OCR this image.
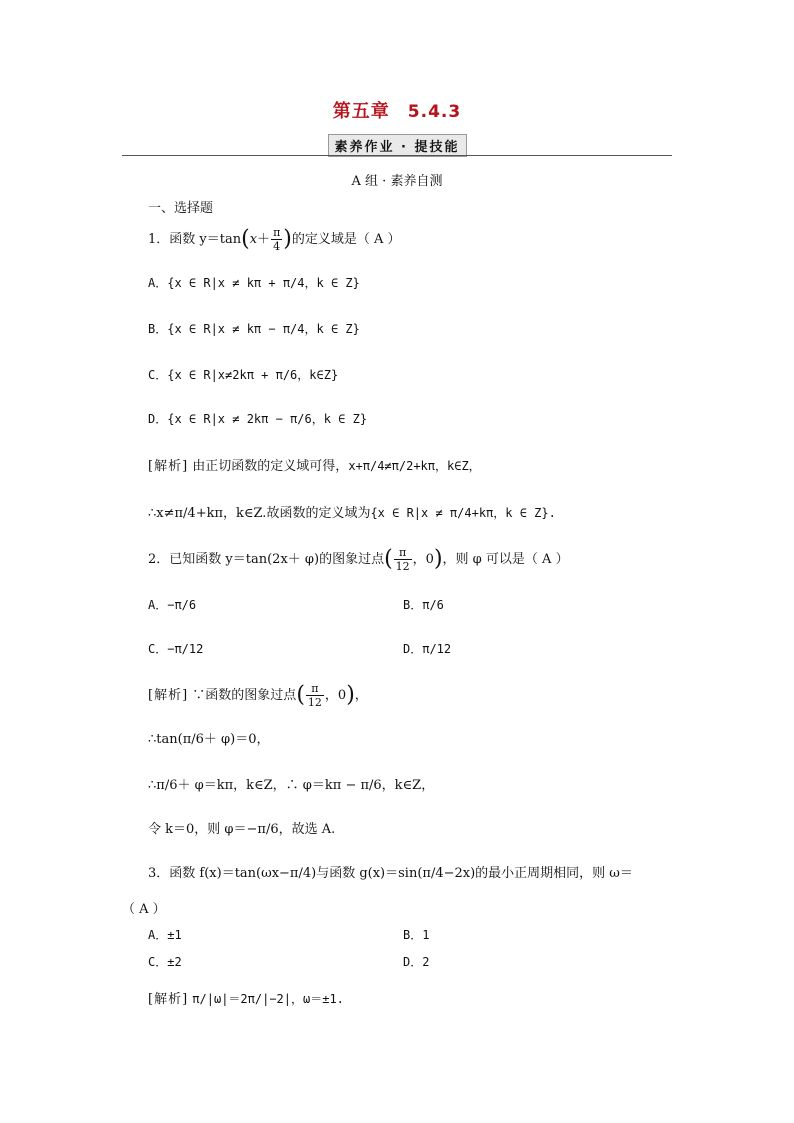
第五章 5.4.3
素养作业 · 提技能
A 组 · 素养自测
一、选择题
1．函数 $y=\tan(x+ \frac{\pi}{4}$ )的定义域是（ A ）
A．{x ∈ R|x ≠ kπ + π/4，k ∈ Z}
B．{x ∈ R|x ≠ kπ − π/4，k ∈ Z}
C．{x ∈ R|x≠2kπ + π/6，k∈Z}
D．{x ∈ R|x ≠ 2kπ − π/6，k ∈ Z}
[解析] 由正切函数的定义域可得，x+π/4≠π/2+kπ，k∈Z，
∴x≠π/4+kπ，k∈Z.故函数的定义域为{x ∈ R|x ≠ π/4+kπ，k ∈ Z}.
2．已知函数 y＝tan(2x＋ φ)的图象过点( $\frac{\pi}{12}$ ，0)，则 φ 可以是（ A ）
A．−π/6	B．π/6
C．−π/12	D．π/12
[解析] ∵函数的图象过点( $\frac{\pi}{12}$ ，0)，
∴tan(π/6＋ φ)＝0，
∴π/6＋ φ＝kπ，k∈Z，∴ φ＝kπ − π/6，k∈Z，
令 k＝0，则 φ＝−π/6，故选 A.
3．函数 f(x)＝tan(ωx−π/4)与函数 g(x)＝sin(π/4−2x)的最小正周期相同，则 ω＝
（ A ）
A．±1	B．1
C．±2	D．2
[解析] π/|ω|＝2π/|−2|，ω＝±1.
